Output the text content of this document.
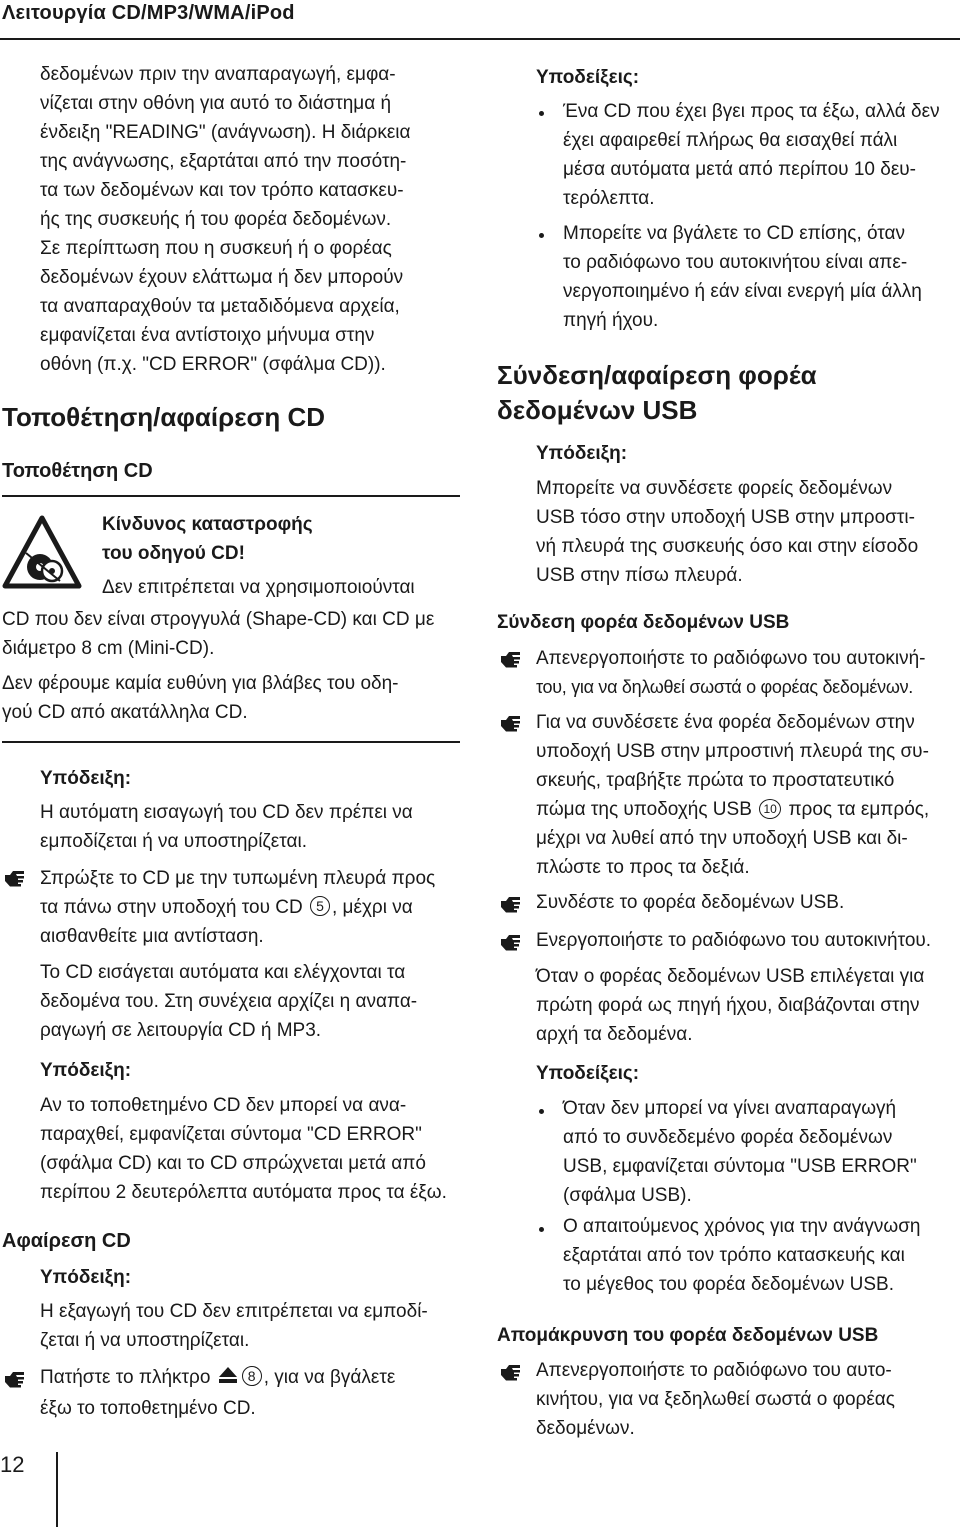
Λειτουργία CD/MP3/WMA/iPod

δεδομένων πριν την αναπαραγωγή, εμφα-

νίζεται στην οθόνη για αυτό το διάστημα ή

ένδειξη "READING" (ανάγνωση). Η διάρκεια

της ανάγνωσης, εξαρτάται από την ποσότη-

τα των δεδομένων και τον τρόπο κατασκευ-

ής της συσκευής ή του φορέα δεδομένων.

Σε περίπτωση που η συσκευή ή ο φορέας

δεδομένων έχουν ελάττωμα ή δεν μπορούν

τα αναπαραχθούν τα μεταδιδόμενα αρχεία,

εμφανίζεται ένα αντίστοιχο μήνυμα στην

οθόνη (π.χ. "CD ERROR" (σφάλμα CD)).

Τοποθέτηση/αφαίρεση CD
Τοποθέτηση CD
Κίνδυνος καταστροφής
του οδηγού CD!
Δεν επιτρέπεται να χρησιμοποιούνται

CD που δεν είναι στρογγυλά (Shape-CD) και CD με

διάμετρο 8 cm (Mini-CD).

Δεν φέρουμε καμία ευθύνη για βλάβες του οδη-

γού CD από ακατάλληλα CD.

Υπόδειξη:

Η αυτόματη εισαγωγή του CD δεν πρέπει να

εμποδίζεται ή να υποστηρίζεται.

Σπρώξτε το CD με την τυπωμένη πλευρά προς

τα πάνω στην υποδοχή του CD 5 , μέχρι να

αισθανθείτε μια αντίσταση.

Το CD εισάγεται αυτόματα και ελέγχονται τα

δεδομένα του. Στη συνέχεια αρχίζει η αναπα-

ραγωγή σε λειτουργία CD ή MP3.

Υπόδειξη:

Αν το τοποθετημένο CD δεν μπορεί να ανα-

παραχθεί, εμφανίζεται σύντομα "CD ERROR"

(σφάλμα CD) και το CD σπρώχνεται μετά από

περίπου 2 δευτερόλεπτα αυτόματα προς τα έξω.

Αφαίρεση CD
Υπόδειξη:

Η εξαγωγή του CD δεν επιτρέπεται να εμποδί-

ζεται ή να υποστηρίζεται.

Πατήστε το πλήκτρο	8 , για να βγάλετε

έξω το τοποθετημένο CD.

12
Υποδείξεις:

Ένα CD που έχει βγει προς τα έξω, αλλά δεν

έχει αφαιρεθεί πλήρως θα εισαχθεί πάλι

μέσα αυτόματα μετά από περίπου 10 δευ-

τερόλεπτα.

Μπορείτε να βγάλετε το CD επίσης, όταν

το ραδιόφωνο του αυτοκινήτου είναι απε-

νεργοποιημένο ή εάν είναι ενεργή μία άλλη

πηγή ήχου.

Σύνδεση/αφαίρεση φορέα
δεδομένων USB
Υπόδειξη:

Μπορείτε να συνδέσετε φορείς δεδομένων

USB τόσο στην υποδοχή USB στην μπροστι-

νή πλευρά της συσκευής όσο και στην είσοδο

USB στην πίσω πλευρά.

Σύνδεση φορέα δεδομένων USB

Απενεργοποιήστε το ραδιόφωνο του αυτοκινή-

του, για να δηλωθεί σωστά ο φορέας δεδομένων.

Για να συνδέσετε ένα φορέα δεδομένων στην

υποδοχή USB στην μπροστινή πλευρά της συ-

σκευής, τραβήξτε πρώτα το προστατευτικό

πώμα της υποδοχής USB 10 προς τα εμπρός,

μέχρι να λυθεί από την υποδοχή USB και δι-

πλώστε το προς τα δεξιά.

Συνδέστε το φορέα δεδομένων USB.
Ενεργοποιήστε το ραδιόφωνο του αυτοκινήτου.

Όταν ο φορέας δεδομένων USB επιλέγεται για

πρώτη φορά ως πηγή ήχου, διαβάζονται στην

αρχή τα δεδομένα.

Υποδείξεις:

Όταν δεν μπορεί να γίνει αναπαραγωγή

από το συνδεδεμένο φορέα δεδομένων

USB, εμφανίζεται σύντομα "USB ERROR"

(σφάλμα USB).

Ο απαιτούμενος χρόνος για την ανάγνωση

εξαρτάται από τον τρόπο κατασκευής και

το μέγεθος του φορέα δεδομένων USB.

Απομάκρυνση του φορέα δεδομένων USB

Απενεργοποιήστε το ραδιόφωνο του αυτο-

κινήτου, για να ξεδηλωθεί σωστά ο φορέας

δεδομένων.
